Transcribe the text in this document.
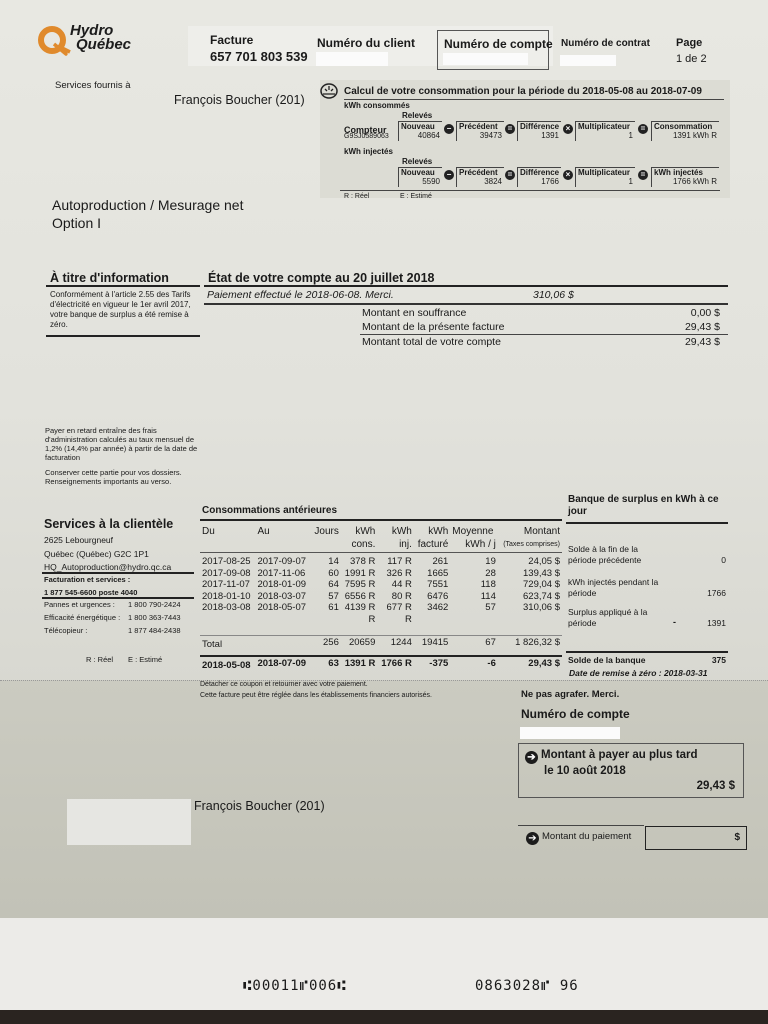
Hydro
Québec	Facture
657 701 803 539
Numéro du client Numéro de compte Numéro de contrat Page
1 de 2
Services fournis à
François Boucher (201)
Calcul de votre consommation pour la période du 2018-05-08 au 2018-07-09
kWh consommés
Relevés
Compteur
G9SJ0589063
Nouveau
40864
− Précédent
39473
= Différence
1391
× Multiplicateur
1
=	Consommation
1391 kWh R
kWh injectés
Relevés
Nouveau
5590
− Précédent
3824
= Différence
1766
× Multiplicateur
1
=	kWh injectés
1766 kWh R
R : Réel	E : Estimé
Autoproduction / Mesurage net
Option I
À titre d'information
Conformément à l'article 2.55 des Tarifs d'électricité en vigueur le 1er avril 2017, votre banque de surplus a été remise à zéro.
État de votre compte au 20 juillet 2018
Paiement effectué le 2018-06-08. Merci.	310,06 $
Montant en souffrance	0,00 $
Montant de la présente facture	29,43 $
Montant total de votre compte	29,43 $
Payer en retard entraîne des frais d'administration calculés au taux mensuel de 1,2% (14,4% par année) à partir de la date de facturation
Conserver cette partie pour vos dossiers. Renseignements importants au verso.
Services à la clientèle
2625 Lebourgneuf
Québec (Québec) G2C 1P1
HQ_Autoproduction@hydro.qc.ca
Facturation et services :
1 877 545-6600 poste 4040
Pannes et urgences : 1 800 790-2424
Efficacité énergétique : 1 800 363-7443
Télécopieur :	1 877 484-2438
R : Réel E : Estimé
Consommations antérieures
Du	Au	Jours	kWh	kWh	kWh	Moyenne	Montant
			cons.	inj.	facturé	kWh / j	(Taxes comprises)

2017-08-25	2017-09-07	14	378 R	117 R	261	19	24,05 $
2017-09-08	2017-11-06	60	1991 R	326 R	1665	28	139,43 $
2017-11-07	2018-01-09	64	7595 R	44 R	7551	118	729,04 $
2018-01-10	2018-03-07	57	6556 R	80 R	6476	114	623,74 $
2018-03-08	2018-05-07	61	4139 R	677 R	3462	57	310,06 $
			R	R			

Total		256	20659	1244	19415	67	1 826,32 $

2018-05-08	2018-07-09	63	1391 R	1766 R	-375	-6	29,43 $
Banque de surplus en kWh à ce jour
Solde à la fin de la période précédente	0
kWh injectés pendant la période	1766
Surplus appliqué à la période	-	1391
Solde de la banque	375
Date de remise à zéro : 2018-03-31
Détacher ce coupon et retourner avec votre paiement.
Cette facture peut être réglée dans les établissements financiers autorisés.	Ne pas agrafer. Merci.
Numéro de compte
➔ Montant à payer au plus tard
le 10 août 2018
29,43 $
➔ Montant du paiement	$
François Boucher (201)
⑆00011⑈006⑆	0863028⑈ 96
